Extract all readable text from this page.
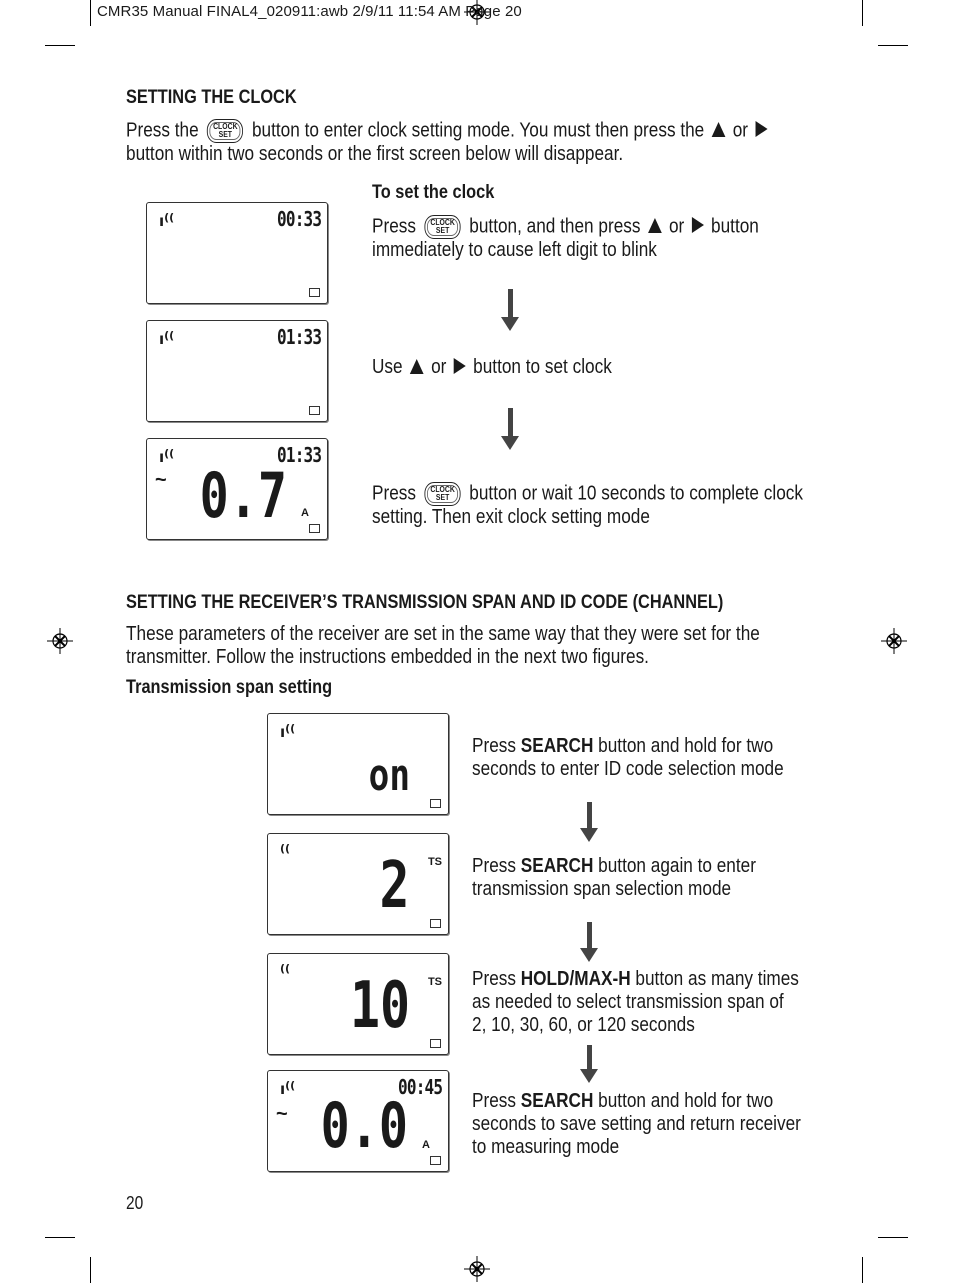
CMR35 Manual FINAL4_020911:awb 2/9/11 11:54 AM Page 20
SETTING THE CLOCK
Press the CLOCK
SET button to enter clock setting mode. You must then press the or
button within two seconds or the first screen below will disappear.
To set the clock
Press CLOCK
SET button, and then press or button
immediately to cause left digit to blink
Use or button to set clock
Press CLOCK
SET button or wait 10 seconds to complete clock
setting. Then exit clock setting mode
ı((	00:33
ı((	01:33
ı((	01:33
~ 0.7 A
SETTING THE RECEIVER’S TRANSMISSION SPAN AND ID CODE (CHANNEL)
These parameters of the receiver are set in the same way that they were set for the
transmitter. Follow the instructions embedded in the next two figures.
Transmission span setting
ı((
on
((
2 TS
((
10 TS
ı((	00:45
~ 0.0 A
Press SEARCH button and hold for two
seconds to enter ID code selection mode
Press SEARCH button again to enter
transmission span selection mode
Press HOLD/MAX-H button as many times
as needed to select transmission span of
2, 10, 30, 60, or 120 seconds
Press SEARCH button and hold for two
seconds to save setting and return receiver
to measuring mode
20
